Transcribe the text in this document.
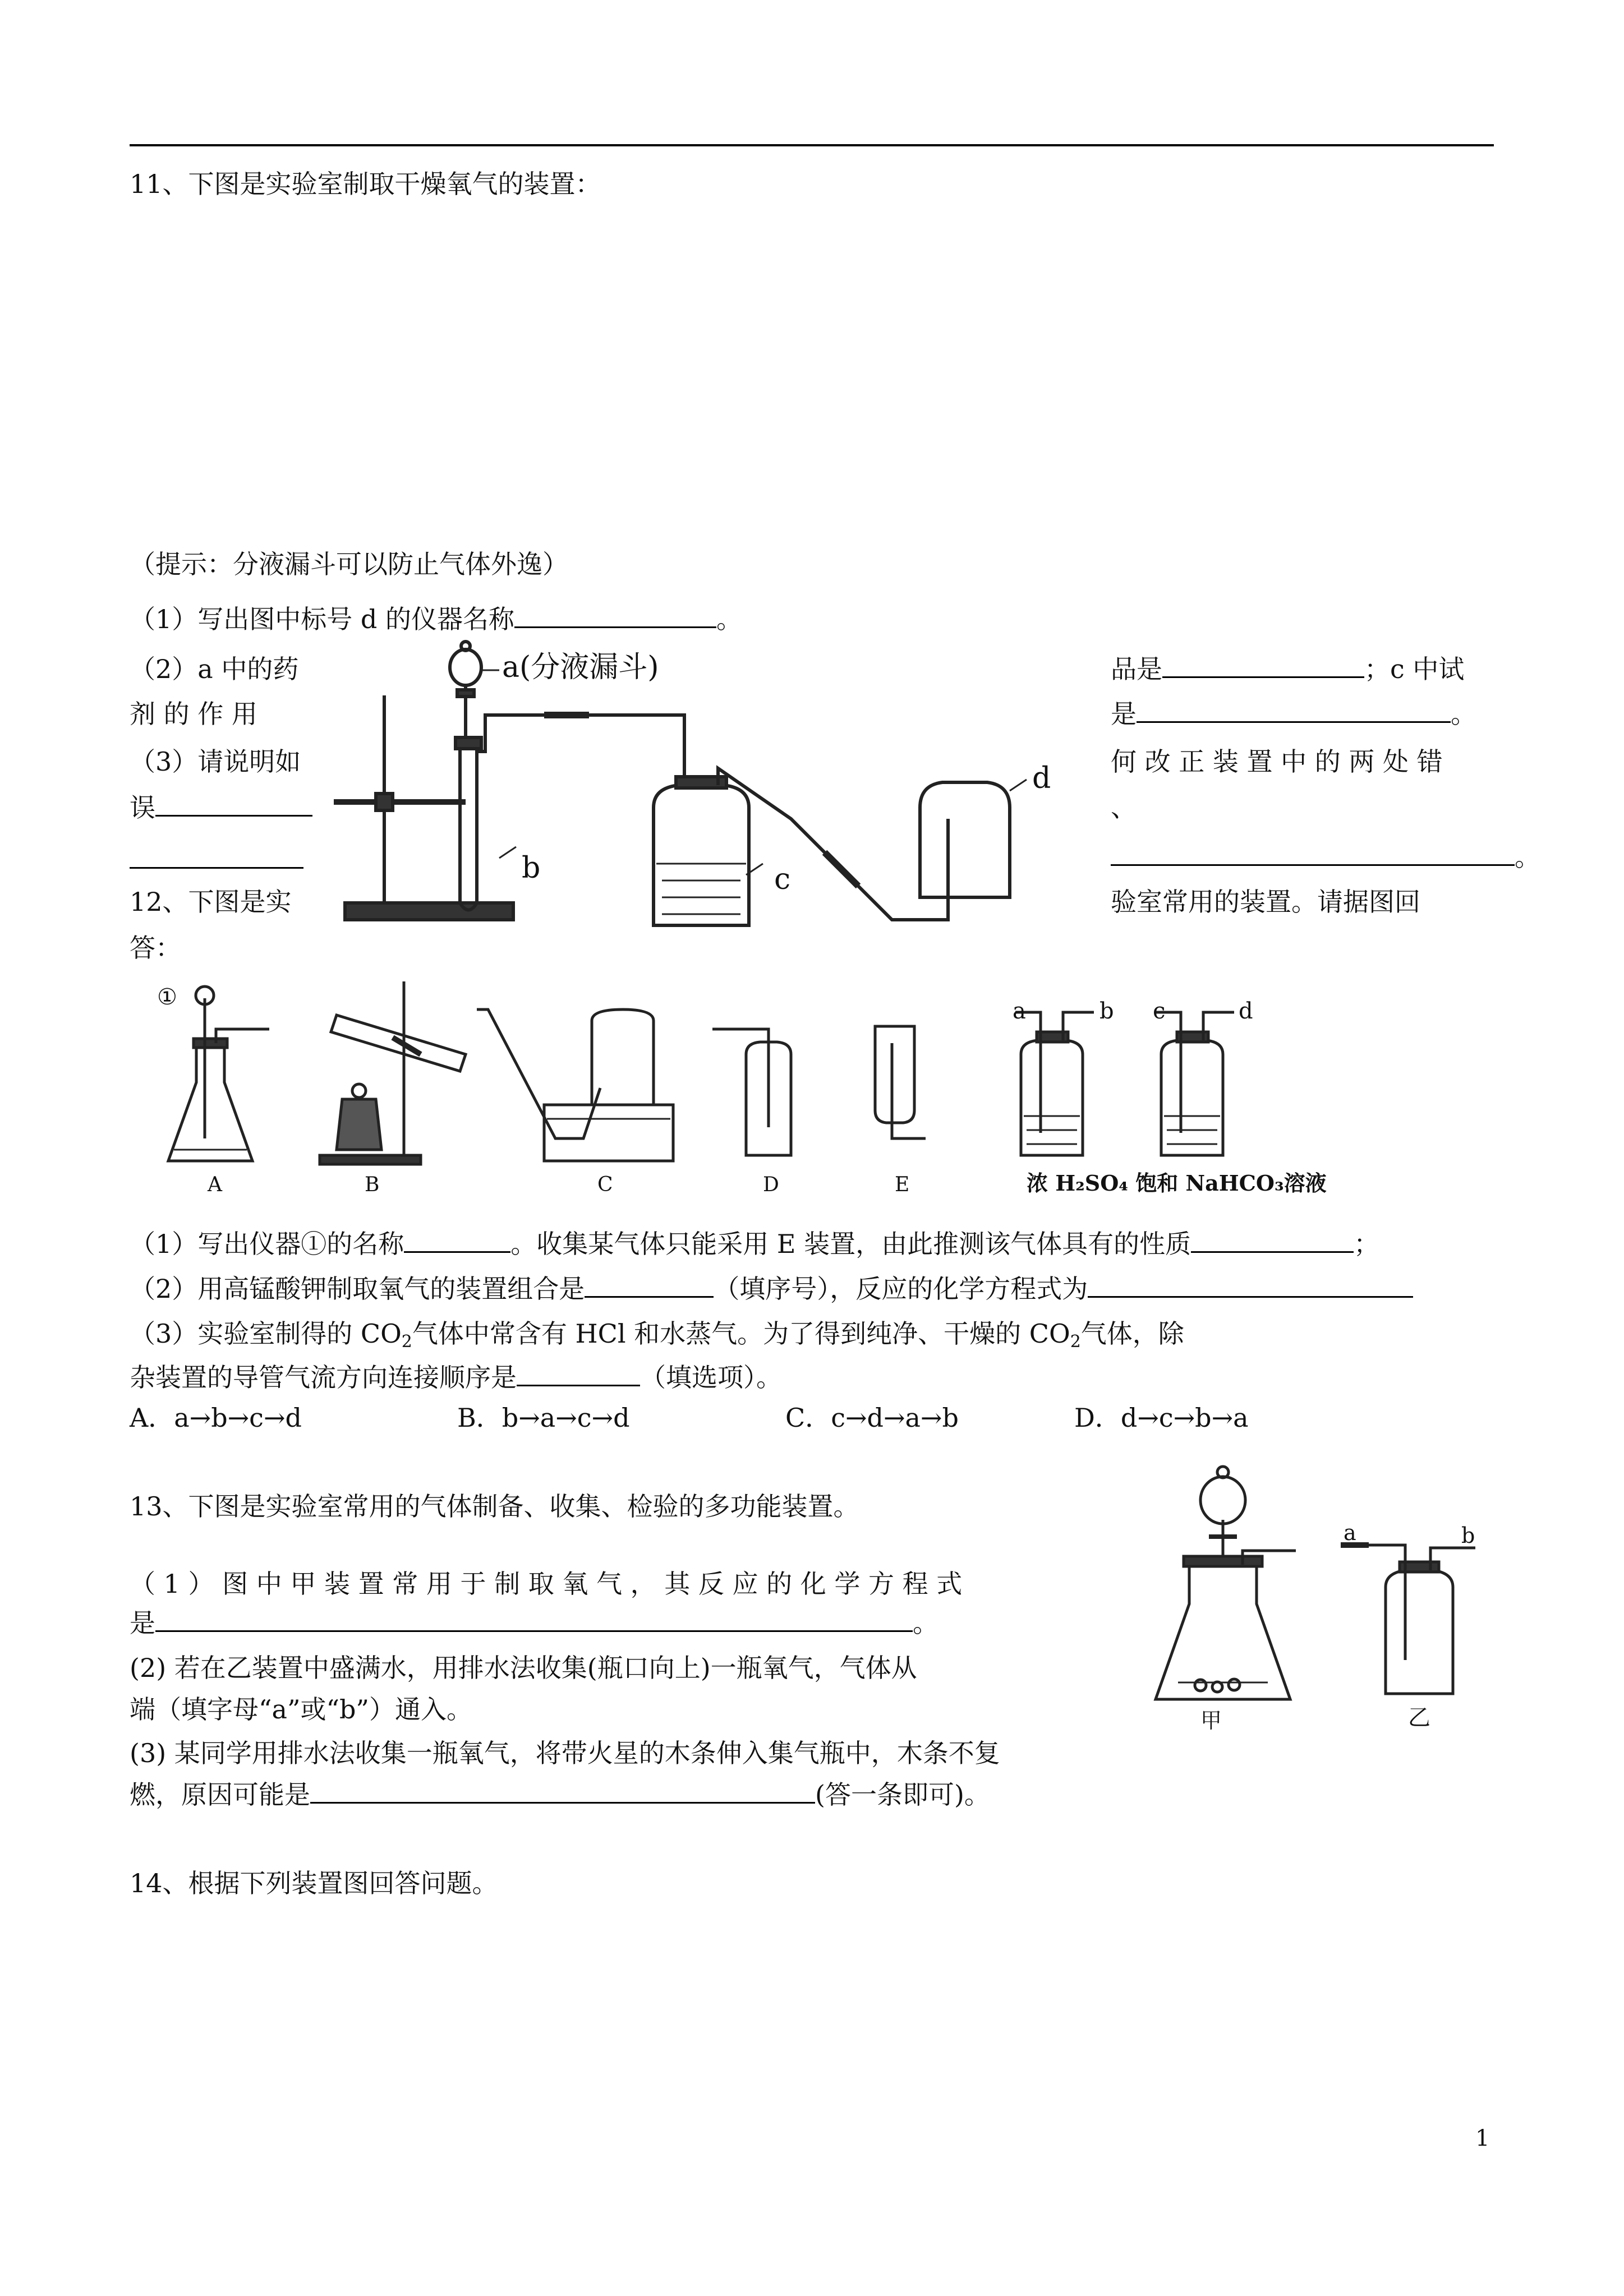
11、下图是实验室制取干燥氧气的装置：
（提示：分液漏斗可以防止气体外逸）
（1）写出图中标号 d 的仪器名称	。
（2）a 中的药
剂 的 作 用
（3）请说明如
误
品是	；c 中试
是	。
何 改 正 装 置 中 的 两 处 错
、
。
a(分液漏斗)
b	c
d
12、下图是实	验室常用的装置。请据图回
答：
①
A	B	C	D	E
a	b c	d
浓 H₂SO₄ 饱和 NaHCO₃溶液
（1）写出仪器①的名称	。收集某气体只能采用 E 装置，由此推测该气体具有的性质	；
（2）用高锰酸钾制取氧气的装置组合是	（填序号），反应的化学方程式为
（3）实验室制得的 $CO_2$气体中常含有 HCl 和水蒸气。为了得到纯净、干燥的 $CO_2$气体，除
杂装置的导管气流方向连接顺序是	（填选项）。
A．a→b→c→d	B．b→a→c→d	C．c→d→a→b	D．d→c→b→a
13、下图是实验室常用的气体制备、收集、检验的多功能装置。
（ 1 ） 图 中 甲 装 置 常 用 于 制 取 氧 气 ， 其 反 应 的 化 学 方 程 式
是	。
(2) 若在乙装置中盛满水，用排水法收集(瓶口向上)一瓶氧气，气体从
端（填字母“a”或“b”）通入。
(3) 某同学用排水法收集一瓶氧气，将带火星的木条伸入集气瓶中，木条不复
燃，原因可能是	(答一条即可)。
甲	乙
a	b
14、根据下列装置图回答问题。
1
